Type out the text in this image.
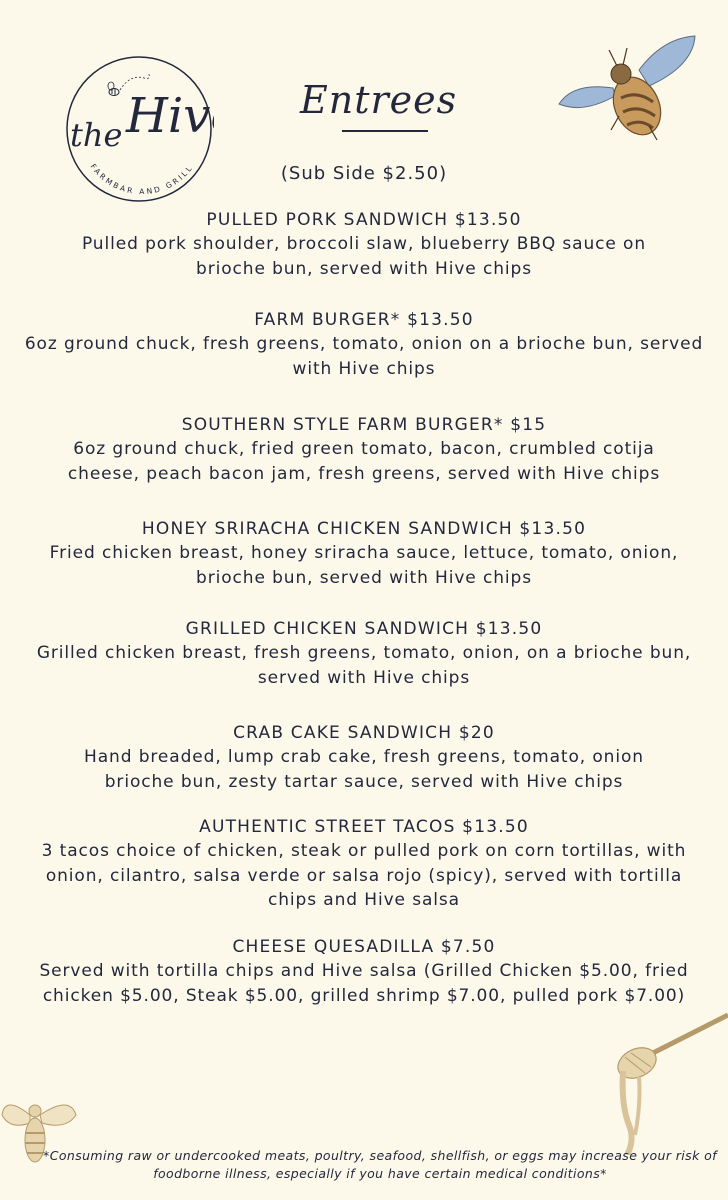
the Hiv
FARMBAR AND GRILL
Entrees
(Sub Side $2.50)
PULLED PORK SANDWICH $13.50
Pulled pork shoulder, broccoli slaw, blueberry BBQ sauce on brioche bun, served with Hive chips
FARM BURGER* $13.50
6oz ground chuck, fresh greens, tomato, onion on a brioche bun, served with Hive chips
SOUTHERN STYLE FARM BURGER* $15
6oz ground chuck, fried green tomato, bacon, crumbled cotija cheese, peach bacon jam, fresh greens, served with Hive chips
HONEY SRIRACHA CHICKEN SANDWICH $13.50
Fried chicken breast, honey sriracha sauce, lettuce, tomato, onion, brioche bun, served with Hive chips
GRILLED CHICKEN SANDWICH $13.50
Grilled chicken breast, fresh greens, tomato, onion, on a brioche bun, served with Hive chips
CRAB CAKE SANDWICH $20
Hand breaded, lump crab cake, fresh greens, tomato, onion brioche bun, zesty tartar sauce, served with Hive chips
AUTHENTIC STREET TACOS $13.50
3 tacos choice of chicken, steak or pulled pork on corn tortillas, with onion, cilantro, salsa verde or salsa rojo (spicy), served with tortilla chips and Hive salsa
CHEESE QUESADILLA $7.50
Served with tortilla chips and Hive salsa (Grilled Chicken $5.00, fried chicken $5.00, Steak $5.00, grilled shrimp $7.00, pulled pork $7.00)
*Consuming raw or undercooked meats, poultry, seafood, shellfish, or eggs may increase your risk of foodborne illness, especially if you have certain medical conditions*
